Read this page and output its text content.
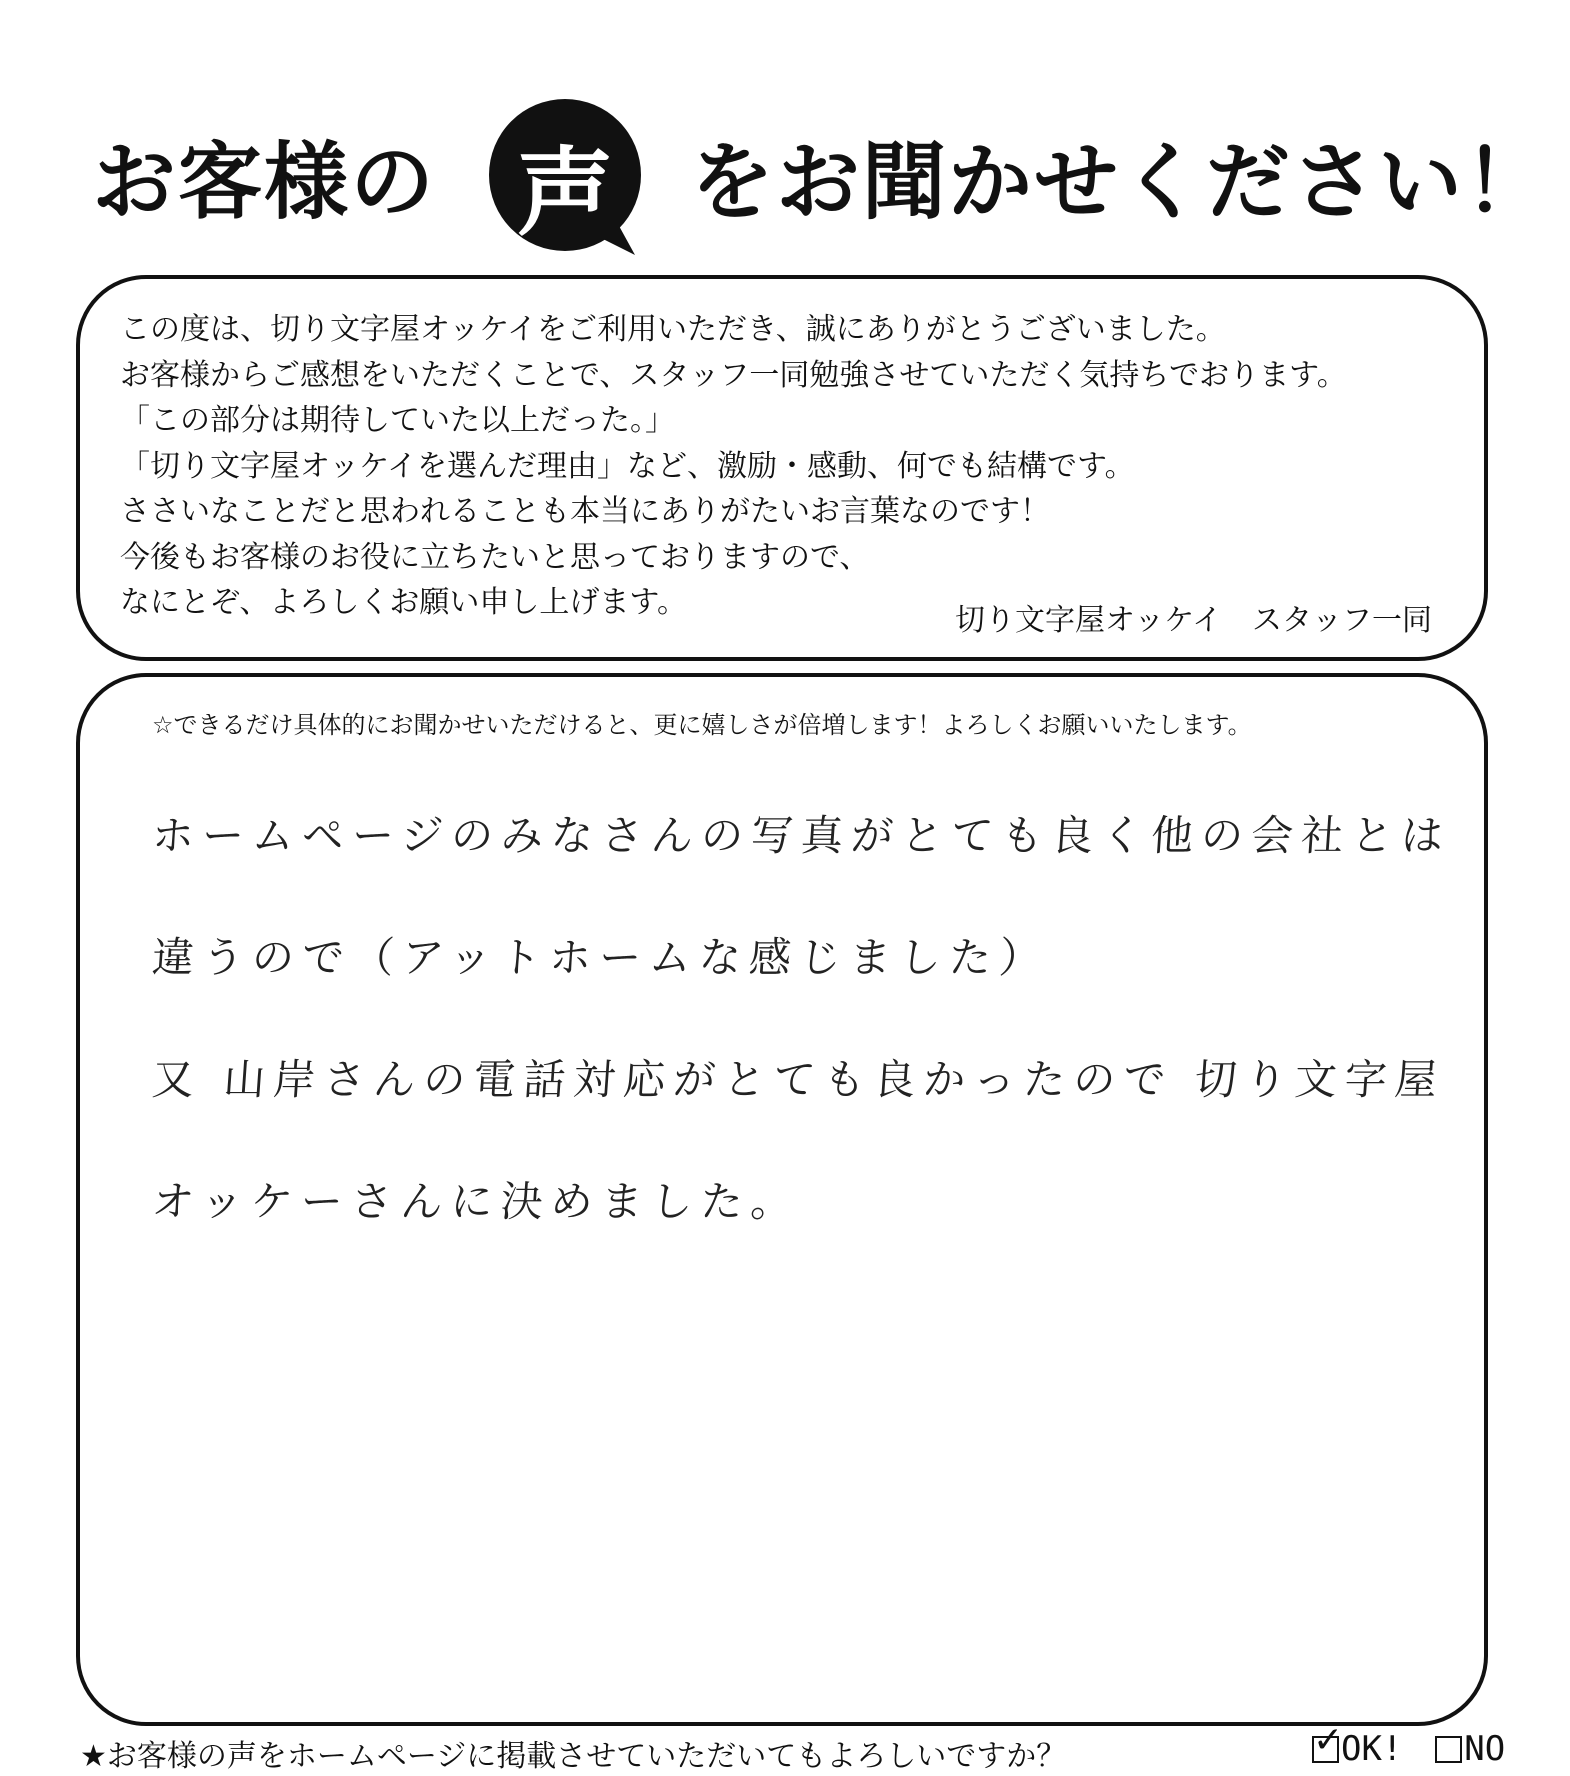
お客様の 声 をお聞かせください！
この度は、切り文字屋オッケイをご利用いただき、誠にありがとうございました。
お客様からご感想をいただくことで、スタッフ一同勉強させていただく気持ちでおります。
「この部分は期待していた以上だった。」
「切り文字屋オッケイを選んだ理由」など、激励・感動、何でも結構です。
ささいなことだと思われることも本当にありがたいお言葉なのです！
今後もお客様のお役に立ちたいと思っておりますので、
なにとぞ、よろしくお願い申し上げます。
切り文字屋オッケイ　スタッフ一同
☆できるだけ具体的にお聞かせいただけると、更に嬉しさが倍増します！よろしくお願いいたします。
ホームページのみなさんの写真がとても良く他の会社とは
違うので（アットホームな感じました）
又 山岸さんの電話対応がとても良かったので 切り文字屋
オッケーさんに決めました。
★お客様の声をホームページに掲載させていただいてもよろしいですか？	✓
OK! NO
